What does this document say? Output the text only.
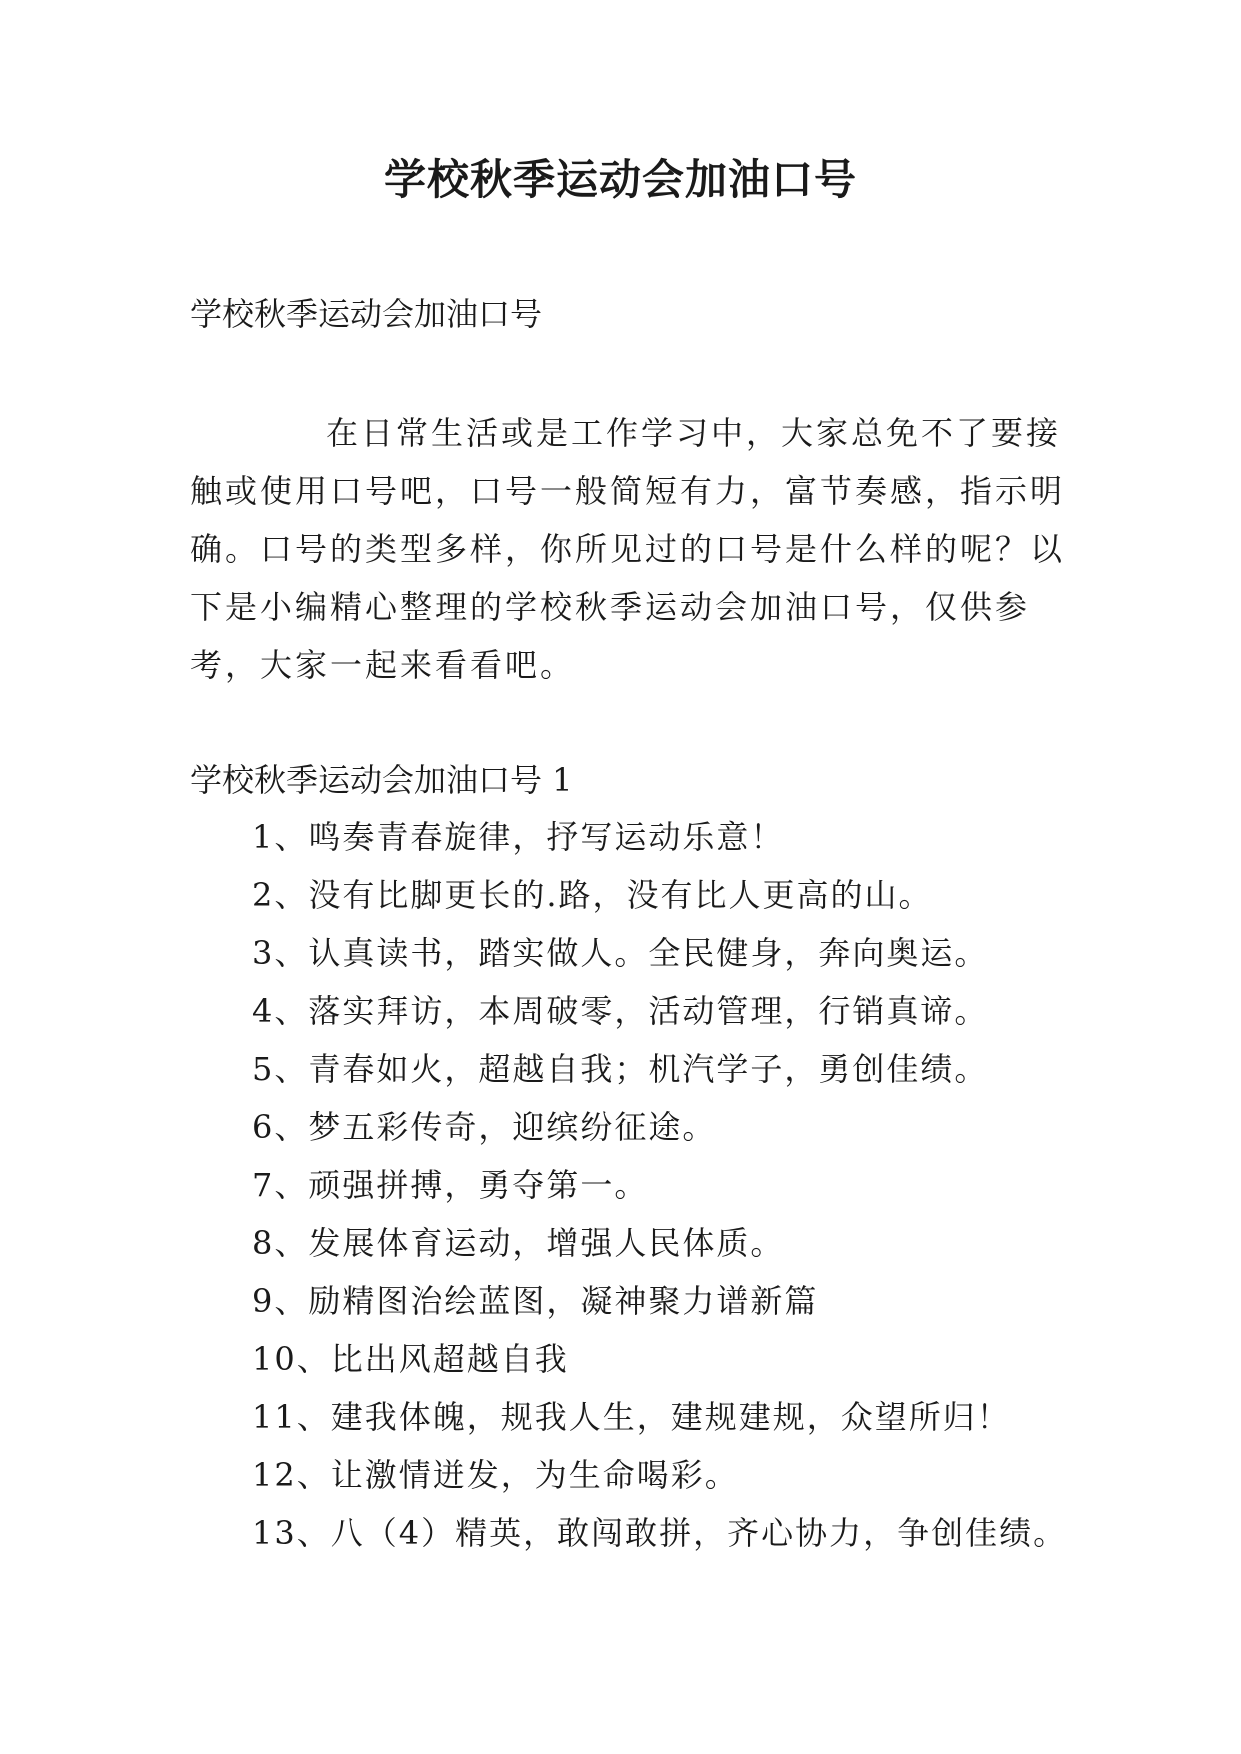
学校秋季运动会加油口号

学校秋季运动会加油口号

在日常生活或是工作学习中，大家总免不了要接触或使用口号吧，口号一般简短有力，富节奏感，指示明确。口号的类型多样，你所见过的口号是什么样的呢？以下是小编精心整理的学校秋季运动会加油口号，仅供参考，大家一起来看看吧。

学校秋季运动会加油口号 1

1、鸣奏青春旋律，抒写运动乐意！
2、没有比脚更长的.路，没有比人更高的山。
3、认真读书，踏实做人。全民健身，奔向奥运。
4、落实拜访，本周破零，活动管理，行销真谛。
5、青春如火，超越自我；机汽学子，勇创佳绩。
6、梦五彩传奇，迎缤纷征途。
7、顽强拼搏，勇夺第一。
8、发展体育运动，增强人民体质。
9、励精图治绘蓝图，凝神聚力谱新篇
10、比出风超越自我
11、建我体魄，规我人生，建规建规，众望所归！
12、让激情迸发，为生命喝彩。
13、八（4）精英，敢闯敢拼，齐心协力，争创佳绩。
